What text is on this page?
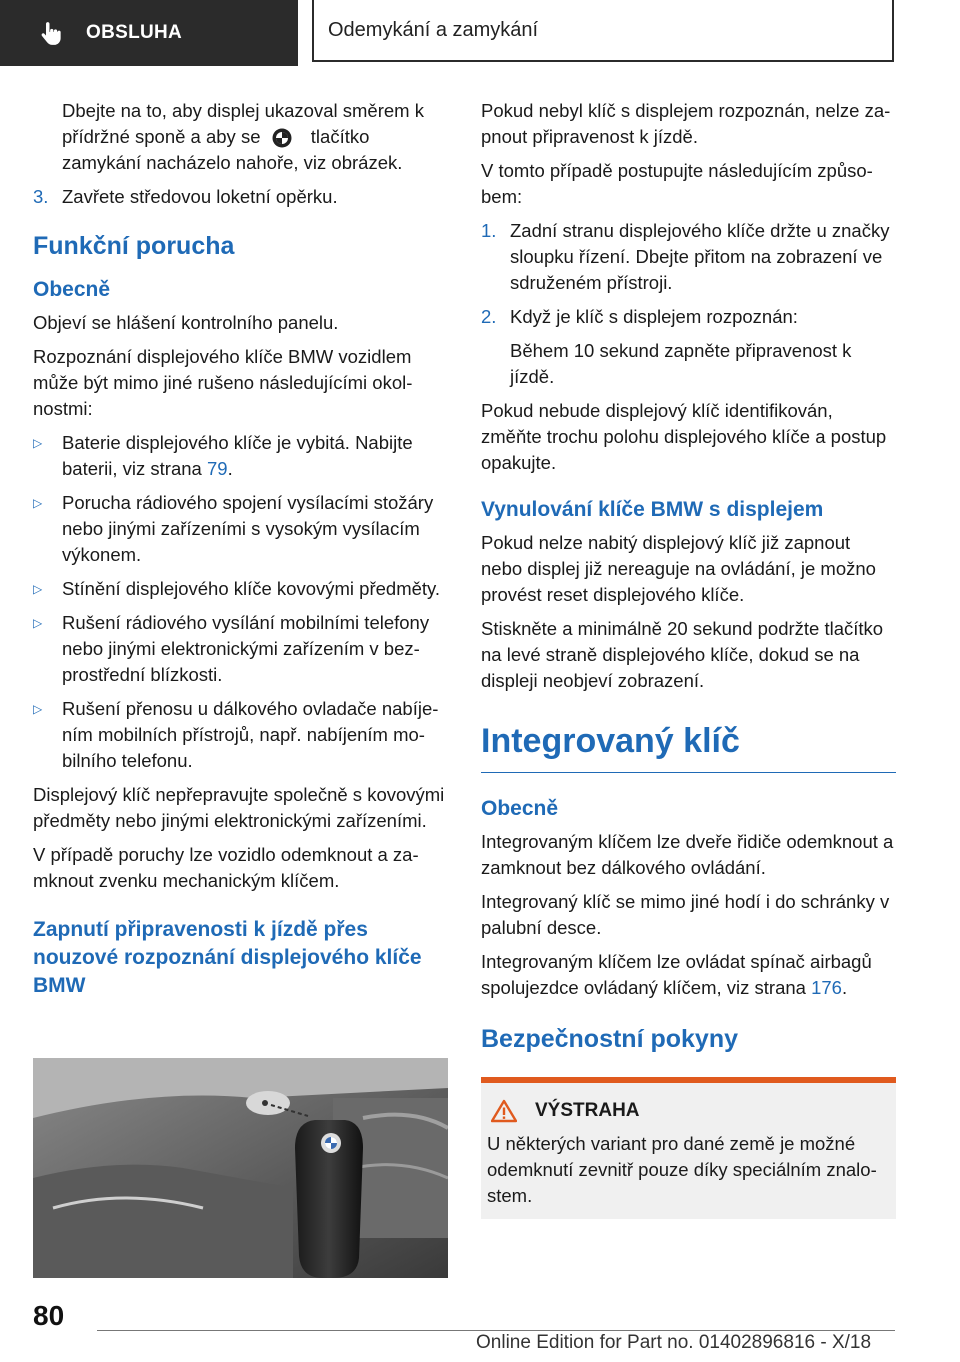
OBSLUHA	Odemykání a zamykání

Dbejte na to, aby displej ukazoval směrem k přídržné sponě a aby se	tlačítko zamykání nacházelo nahoře, viz obrázek.

3. Zavřete středovou loketní opěrku.
Funkční porucha
Obecně

Objeví se hlášení kontrolního panelu.

Rozpoznání displejového klíče BMW vozidlem může být mimo jiné rušeno následujícími okolnostmi:

▷	Baterie displejového klíče je vybitá. Nabijte baterii, viz strana 79.
▷	Porucha rádiového spojení vysílacími stožáry nebo jinými zařízeními s vysokým vysílacím výkonem.
▷	Stínění displejového klíče kovovými předměty.
▷	Rušení rádiového vysílání mobilními telefony nebo jinými elektronickými zařízením v bezprostřední blízkosti.
▷	Rušení přenosu u dálkového ovladače nabíjením mobilních přístrojů, např. nabíjením mobilního telefonu.

Displejový klíč nepřepravujte společně s kovovými předměty nebo jinými elektronickými zařízeními.

V případě poruchy lze vozidlo odemknout a zamknout zvenku mechanickým klíčem.

Zapnutí připravenosti k jízdě přes nouzové rozpoznání displejového klíče BMW

Pokud nebyl klíč s displejem rozpoznán, nelze zapnout připravenost k jízdě.

V tomto případě postupujte následujícím způsobem:

1. Zadní stranu displejového klíče držte u značky sloupku řízení. Dbejte přitom na zobrazení ve sdruženém přístroji.
2. Když je klíč s displejem rozpoznán:

Během 10 sekund zapněte připravenost k jízdě.

Pokud nebude displejový klíč identifikován, změňte trochu polohu displejového klíče a postup opakujte.

Vynulování klíče BMW s displejem

Pokud nelze nabitý displejový klíč již zapnout nebo displej již nereaguje na ovládání, je možno provést reset displejového klíče.

Stiskněte a minimálně 20 sekund podržte tlačítko na levé straně displejového klíče, dokud se na displeji neobjeví zobrazení.

Integrovaný klíč
Obecně

Integrovaným klíčem lze dveře řidiče odemknout a zamknout bez dálkového ovládání.

Integrovaný klíč se mimo jiné hodí i do schránky v palubní desce.

Integrovaným klíčem lze ovládat spínač airbagů spolujezdce ovládaný klíčem, viz strana 176.

Bezpečnostní pokyny
VÝSTRAHA

U některých variant pro dané země je možné odemknutí zevnitř pouze díky speciálním znalostem.

80
Online Edition for Part no. 01402896816 - X/18
